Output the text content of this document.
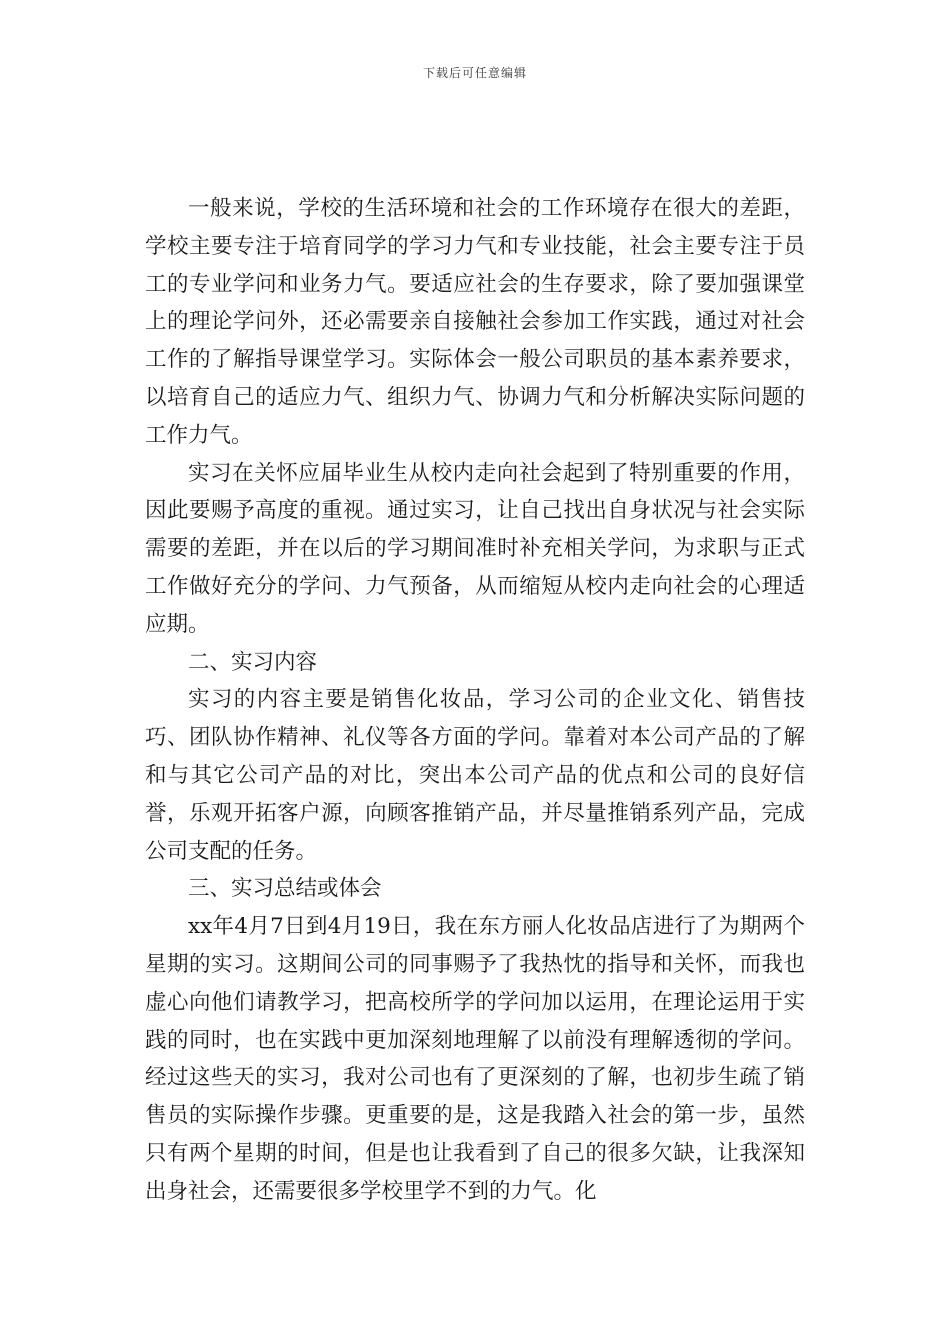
下载后可任意编辑

一般来说，学校的生活环境和社会的工作环境存在很大的差距，学校主要专注于培育同学的学习力气和专业技能，社会主要专注于员工的专业学问和业务力气。要适应社会的生存要求，除了要加强课堂上的理论学问外，还必需要亲自接触社会参加工作实践，通过对社会工作的了解指导课堂学习。实际体会一般公司职员的基本素养要求，以培育自己的适应力气、组织力气、协调力气和分析解决实际问题的工作力气。

实习在关怀应届毕业生从校内走向社会起到了特别重要的作用，因此要赐予高度的重视。通过实习，让自己找出自身状况与社会实际需要的差距，并在以后的学习期间准时补充相关学问，为求职与正式工作做好充分的学问、力气预备，从而缩短从校内走向社会的心理适应期。

二、实习内容

实习的内容主要是销售化妆品，学习公司的企业文化、销售技巧、团队协作精神、礼仪等各方面的学问。靠着对本公司产品的了解和与其它公司产品的对比，突出本公司产品的优点和公司的良好信誉，乐观开拓客户源，向顾客推销产品，并尽量推销系列产品，完成公司支配的任务。

三、实习总结或体会

xx年4月7日到4月19日，我在东方丽人化妆品店进行了为期两个星期的实习。这期间公司的同事赐予了我热忱的指导和关怀，而我也虚心向他们请教学习，把高校所学的学问加以运用，在理论运用于实践的同时，也在实践中更加深刻地理解了以前没有理解透彻的学问。经过这些天的实习，我对公司也有了更深刻的了解，也初步生疏了销售员的实际操作步骤。更重要的是，这是我踏入社会的第一步，虽然只有两个星期的时间，但是也让我看到了自己的很多欠缺，让我深知出身社会，还需要很多学校里学不到的力气。化
